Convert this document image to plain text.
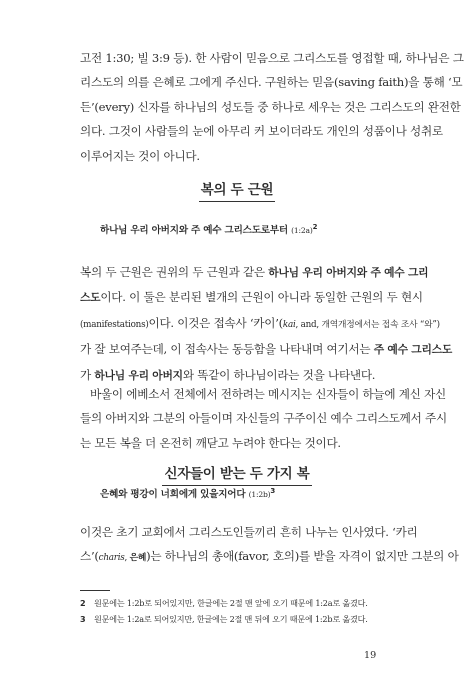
고전 1:30; 빌 3:9 등). 한 사람이 믿음으로 그리스도를 영접할 때, 하나님은 그
리스도의 의를 은혜로 그에게 주신다. 구원하는 믿음(saving faith)을 통해 ‘모
든’(every) 신자를 하나님의 성도들 중 하나로 세우는 것은 그리스도의 완전한
의다. 그것이 사람들의 눈에 아무리 커 보이더라도 개인의 성품이나 성취로
이루어지는 것이 아니다.
복의 두 근원
하나님 우리 아버지와 주 예수 그리스도로부터 (1:2a)$^2$
복의 두 근원은 권위의 두 근원과 같은 하나님 우리 아버지와 주 예수 그리
스도이다. 이 둘은 분리된 별개의 근원이 아니라 동일한 근원의 두 현시
(manifestations)이다. 이것은 접속사 ‘카이’(kai, and, 개역개정에서는 접속 조사 “와”)
가 잘 보여주는데, 이 접속사는 동등함을 나타내며 여기서는 주 예수 그리스도
가 하나님 우리 아버지와 똑같이 하나님이라는 것을 나타낸다.
바울이 에베소서 전체에서 전하려는 메시지는 신자들이 하늘에 계신 자신
들의 아버지와 그분의 아들이며 자신들의 구주이신 예수 그리스도께서 주시
는 모든 복을 더 온전히 깨닫고 누려야 한다는 것이다.
신자들이 받는 두 가지 복
은혜와 평강이 너희에게 있을지어다 (1:2b)$^3$
이것은 초기 교회에서 그리스도인들끼리 흔히 나누는 인사였다. ‘카리
스’(charis, 은혜)는 하나님의 총애(favor, 호의)를 받을 자격이 없지만 그분의 아
2 원문에는 1:2b로 되어있지만, 한글에는 2절 맨 앞에 오기 때문에 1:2a로 옮겼다.
3 원문에는 1:2a로 되어있지만, 한글에는 2절 맨 뒤에 오기 때문에 1:2b로 옮겼다.
19
